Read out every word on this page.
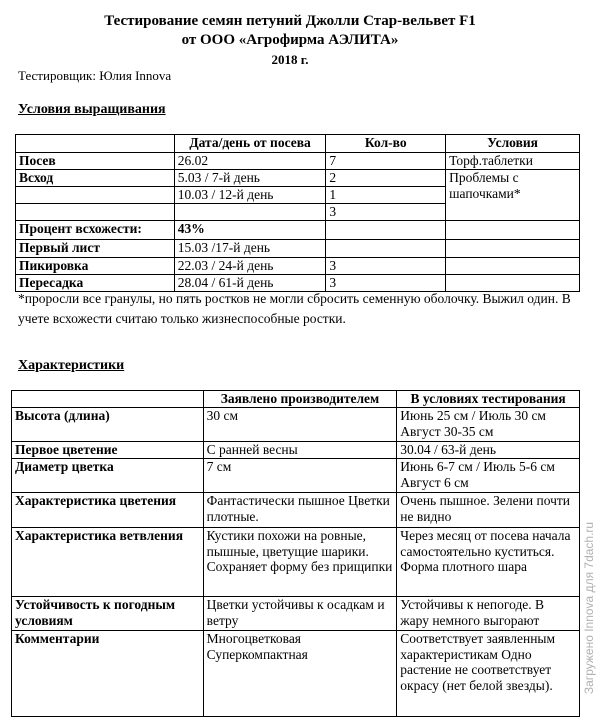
Тестирование семян петуний Джолли Стар-вельвет F1
от ООО «Агрофирма АЭЛИТА»
2018 г.
Тестировщик: Юлия Innova
Условия выращивания
	Дата/день от посева	Кол-во	Условия
Посев	26.02	7	Торф.таблетки
Всход	5.03 / 7-й день	2	Проблемы с шапочками*
	10.03 / 12-й день	1	
		3	
Процент всхожести:	43%		
Первый лист	15.03 /17-й день		
Пикировка	22.03 / 24-й день	3	
Пересадка	28.04 / 61-й день	3	
*проросли все гранулы, но пять ростков не могли сбросить семенную оболочку. Выжил один. В учете всхожести считаю только жизнеспособные ростки.
Характеристики
	Заявлено производителем	В условиях тестирования
Высота (длина)	30 см	Июнь 25 см / Июль 30 см Август 30-35 см
Первое цветение	С ранней весны	30.04 / 63-й день
Диаметр цветка	7 см	Июнь 6-7 см / Июль 5-6 см Август 6 см
Характеристика цветения	Фантастически пышное Цветки плотные.	Очень пышное. Зелени почти не видно
Характеристика ветвления	Кустики похожи на ровные, пышные, цветущие шарики. Сохраняет форму без прищипки	Через месяц от посева начала самостоятельно куститься. Форма плотного шара
Устойчивость к погодным условиям	Цветки устойчивы к осадкам и ветру	Устойчивы к непогоде. В жару немного выгорают
Комментарии	Многоцветковая Суперкомпактная	Соответствует заявленным характеристикам Одно растение не соответствует окрасу (нет белой звезды). Загружено Innova для 7dach.ru
